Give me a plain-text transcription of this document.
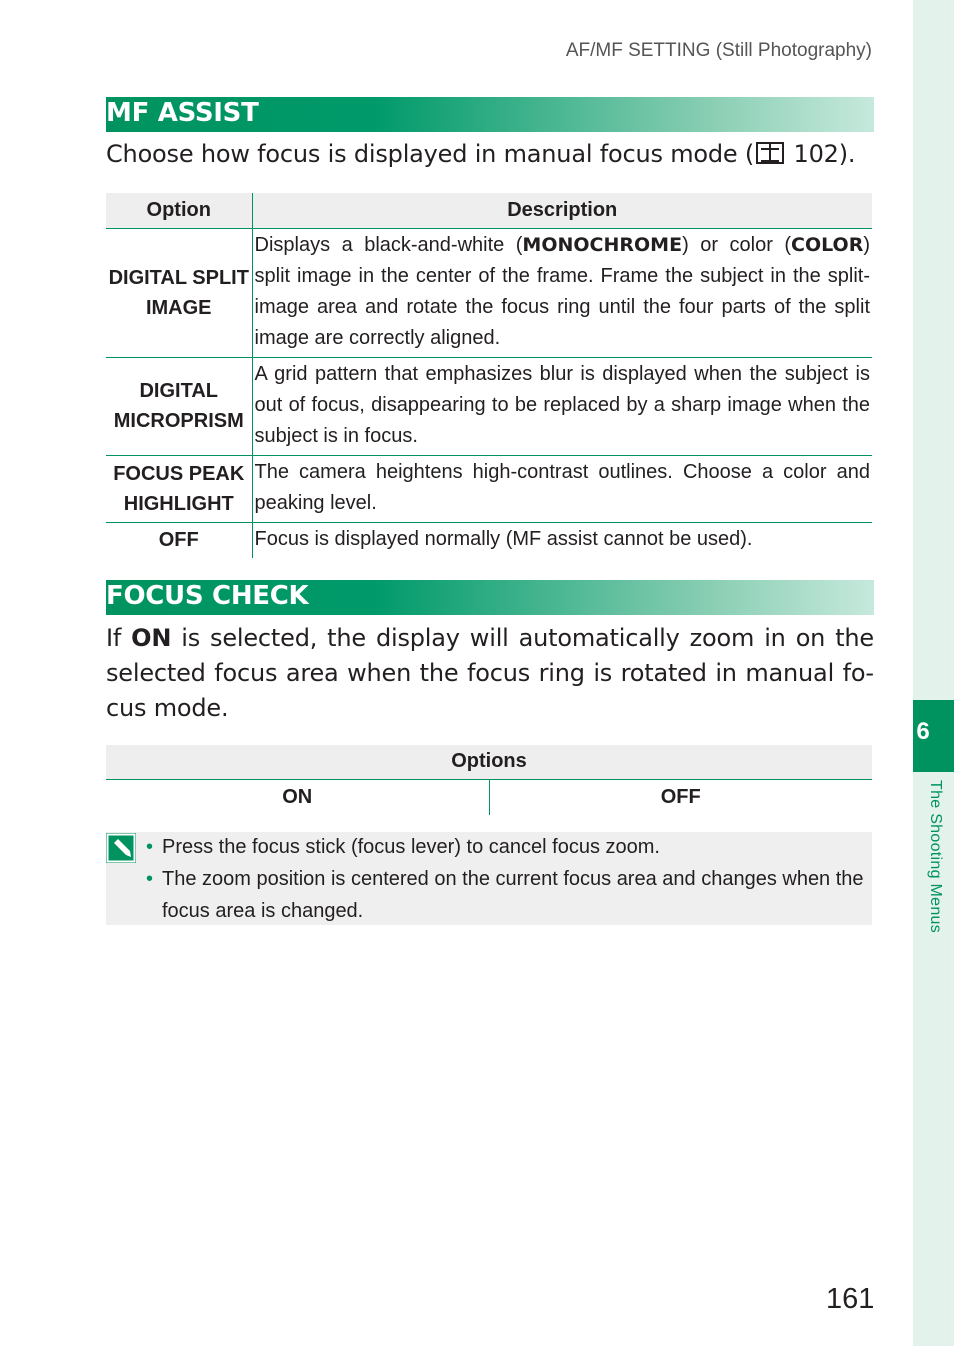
AF/MF SETTING (Still Photography)
MF ASSIST
Choose how focus is displayed in manual focus mode ( 102).
Option	Description
DIGITAL SPLIT IMAGE	Displays a black-and-white (MONOCHROME) or color (COLOR) split image in the center of the frame. Frame the subject in the split-image area and rotate the focus ring until the four parts of the split image are correctly aligned.
DIGITAL MICROPRISM	A grid pattern that emphasizes blur is displayed when the subject is out of focus, disappearing to be replaced by a sharp image when the subject is in focus.
FOCUS PEAK HIGHLIGHT	The camera heightens high-contrast outlines. Choose a color and peaking level.
OFF	Focus is displayed normally (MF assist cannot be used).
FOCUS CHECK
If ON is selected, the display will automatically zoom in on the selected focus area when the focus ring is rotated in manual focus mode.
Options
ON	OFF
• Press the focus stick (focus lever) to cancel focus zoom.
• The zoom position is centered on the current focus area and changes when the focus area is changed.
6
The Shooting Menus
161
